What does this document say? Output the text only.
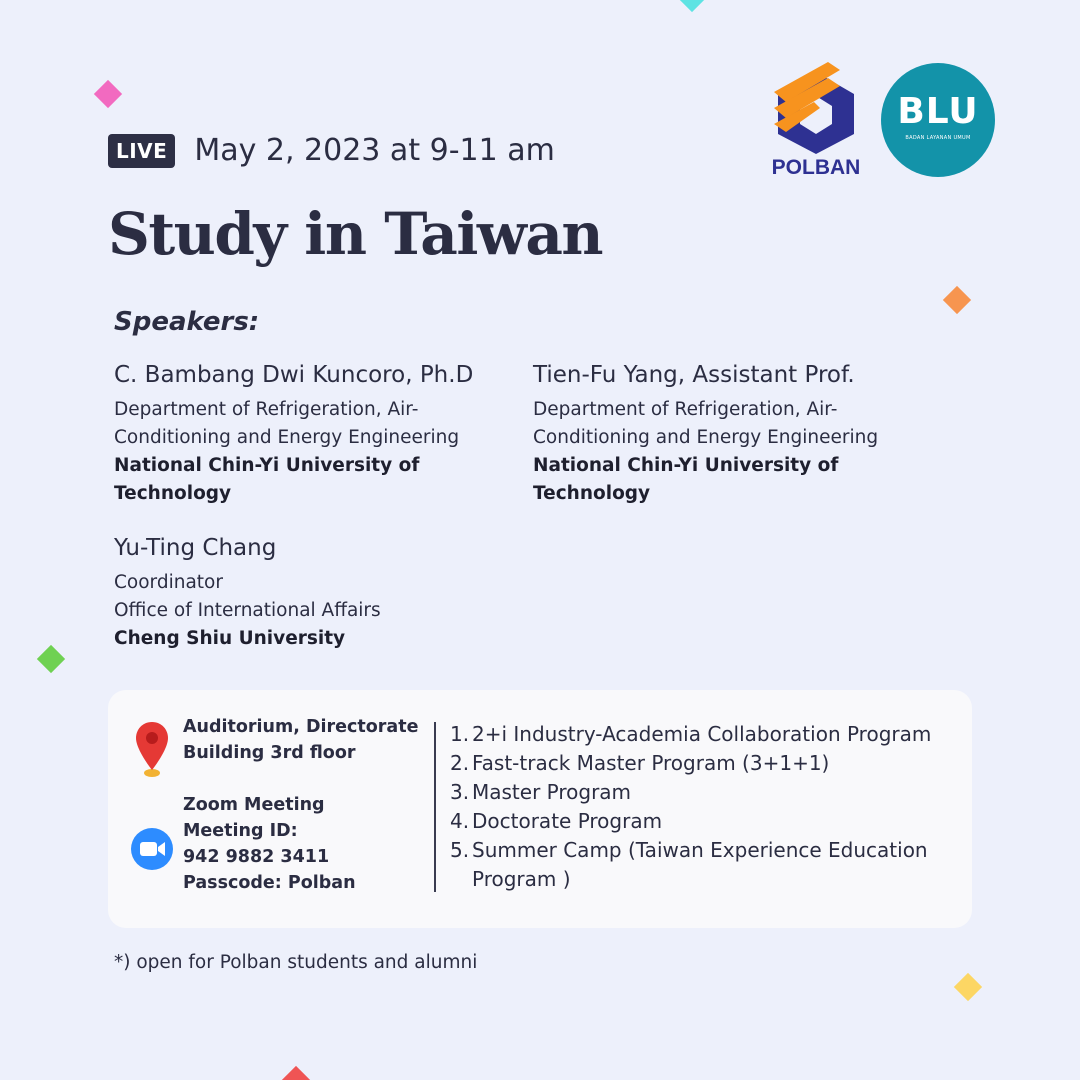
LIVE May 2, 2023 at 9-11 am
Study in Taiwan
POLBAN
BLU
BADAN LAYANAN UMUM
Speakers:
C. Bambang Dwi Kuncoro, Ph.D
Department of Refrigeration, Air-
Conditioning and Energy Engineering
National Chin-Yi University of
Technology
Tien-Fu Yang, Assistant Prof.
Department of Refrigeration, Air-
Conditioning and Energy Engineering
National Chin-Yi University of
Technology
Yu-Ting Chang
Coordinator
Office of International Affairs
Cheng Shiu University
Auditorium, Directorate
Building 3rd floor
Zoom Meeting
Meeting ID:
942 9882 3411
Passcode: Polban
1. 2+i Industry-Academia Collaboration Program
2. Fast-track Master Program (3+1+1)
3. Master Program
4. Doctorate Program
5. Summer Camp (Taiwan Experience Education Program )
*) open for Polban students and alumni
